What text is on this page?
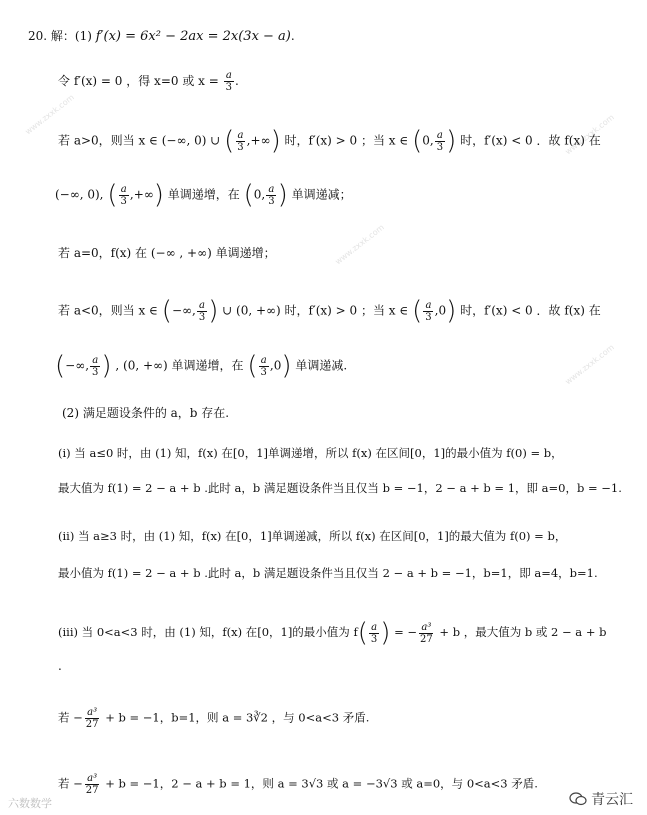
www.zxxk.com
www.zxxk.com
www.zxxk.com
www.zxxk.com
20. 解：(1) f′(x) = 6x² − 2ax = 2x(3x − a).
令 f′(x) = 0 ，得 x=0 或 $x = \frac{a}{3}$ .
若 a>0，则当 x ∈ (−∞, 0) ∪ ( $\frac{a}{3}$ ,+∞) 时，f′(x) > 0 ；当 x ∈ (0, $\frac{a}{3}$ ) 时，f′(x) < 0 ．故 f(x) 在
(−∞, 0), ( $\frac{a}{3}$ ,+∞) 单调递增，在 (0, $\frac{a}{3}$ ) 单调递减；
若 a=0，f(x) 在 (−∞ , +∞) 单调递增；
若 a<0，则当 x ∈ (−∞, $\frac{a}{3}$ ) ∪ (0, +∞) 时，f′(x) > 0 ；当 x ∈ ( $\frac{a}{3} ,0$) 时，f′(x) < 0 ．故 f(x) 在
(−∞, $\frac{a}{3}$ ) , (0, +∞) 单调递增，在 ( $\frac{a}{3} ,0$) 单调递减.
(2) 满足题设条件的 a，b 存在.
(i) 当 a≤0 时，由 (1) 知，f(x) 在[0，1]单调递增，所以 f(x) 在区间[0，1]的最小值为 f(0) = b，
最大值为 f(1) = 2 − a + b .此时 a，b 满足题设条件当且仅当 b = −1，2 − a + b = 1，即 a=0，b = −1.
(ii) 当 a≥3 时，由 (1) 知，f(x) 在[0，1]单调递减，所以 f(x) 在区间[0，1]的最大值为 f(0) = b，
最小值为 f(1) = 2 − a + b .此时 a，b 满足题设条件当且仅当 2 − a + b = −1，b=1，即 a=4，b=1.
(iii) 当 0<a<3 时，由 (1) 知，f(x) 在[0，1]的最小值为 $f( \frac{a}{3}$ ) = − $\frac{\text{a³}}{27} + b$ ，最大值为 b 或 2 − a + b
.
若 − $\frac{\text{a³}}{27} + b = -1$，b=1，则 a = 3∛2 ，与 0<a<3 矛盾.
若 − $\frac{\text{a³}}{27} + b = -1$，2 − a + b = 1，则 a = 3√3 或 a = −3√3 或 a=0，与 0<a<3 矛盾.
六数数学	青云汇
